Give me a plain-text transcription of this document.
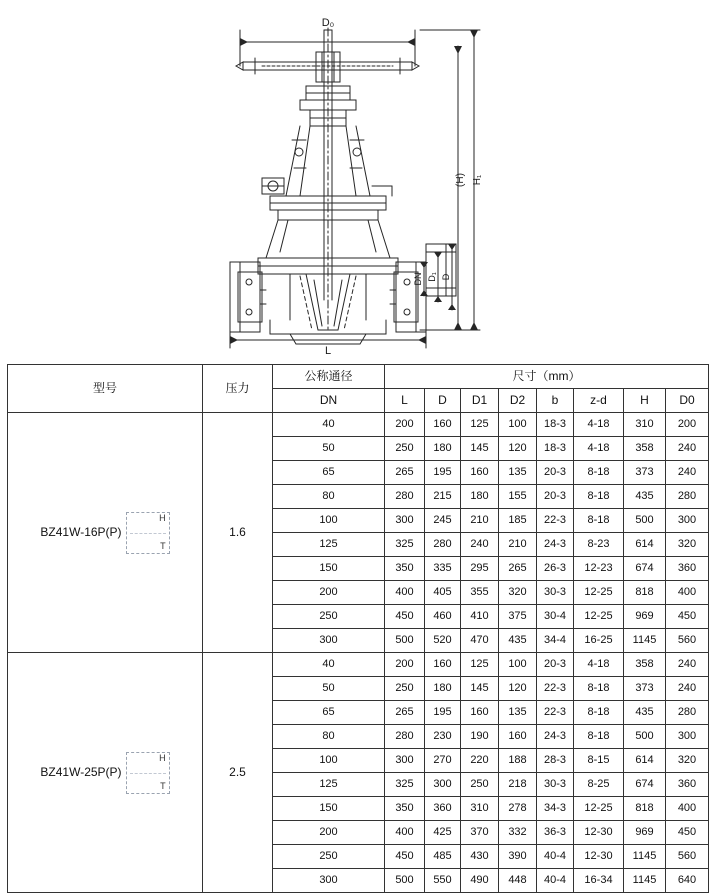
D₀
(H) H₁
L
DN D₁ D
型号	压力	公称通径	尺寸（mm）							
		DN	L	D	D1	D2	b	z-d	H	D0

BZ41W-16P(P)
H
T	1.6	40	200	160	125	100	18-3	4-18	310	200
		50	250	180	145	120	18-3	4-18	358	240
		65	265	195	160	135	20-3	8-18	373	240
		80	280	215	180	155	20-3	8-18	435	280
		100	300	245	210	185	22-3	8-18	500	300
		125	325	280	240	210	24-3	8-23	614	320
		150	350	335	295	265	26-3	12-23	674	360
		200	400	405	355	320	30-3	12-25	818	400
		250	450	460	410	375	30-4	12-25	969	450
		300	500	520	470	435	34-4	16-25	1145	560

BZ41W-25P(P)
H
T	2.5	40	200	160	125	100	20-3	4-18	358	240
		50	250	180	145	120	22-3	8-18	373	240
		65	265	195	160	135	22-3	8-18	435	280
		80	280	230	190	160	24-3	8-18	500	300
		100	300	270	220	188	28-3	8-15	614	320
		125	325	300	250	218	30-3	8-25	674	360
		150	350	360	310	278	34-3	12-25	818	400
		200	400	425	370	332	36-3	12-30	969	450
		250	450	485	430	390	40-4	12-30	1145	560
		300	500	550	490	448	40-4	16-34	1145	640
